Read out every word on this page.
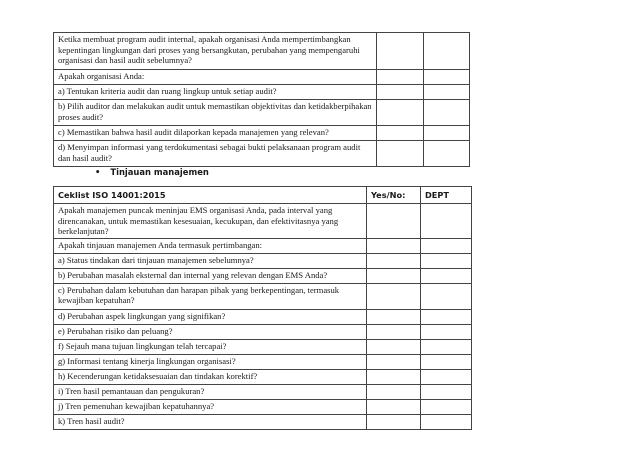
Ketika membuat program audit internal, apakah organisasi Anda mempertimbangkan kepentingan lingkungan dari proses yang bersangkutan, perubahan yang mempengaruhi organisasi dan hasil audit sebelumnya?		
Apakah organisasi Anda:		
a) Tentukan kriteria audit dan ruang lingkup untuk setiap audit?		
b) Pilih auditor dan melakukan audit untuk memastikan objektivitas dan ketidakberpihakan proses audit?		
c) Memastikan bahwa hasil audit dilaporkan kepada manajemen yang relevan?		
d) Menyimpan informasi yang terdokumentasi sebagai bukti pelaksanaan program audit dan hasil audit?		
• Tinjauan manajemen
Ceklist ISO 14001:2015	Yes/No:	DEPT
Apakah manajemen puncak meninjau EMS organisasi Anda, pada interval yang direncanakan, untuk memastikan kesesuaian, kecukupan, dan efektivitasnya yang berkelanjutan?		
Apakah tinjauan manajemen Anda termasuk pertimbangan:		
a) Status tindakan dari tinjauan manajemen sebelumnya?		
b) Perubahan masalah eksternal dan internal yang relevan dengan EMS Anda?		
c) Perubahan dalam kebutuhan dan harapan pihak yang berkepentingan, termasuk kewajiban kepatuhan?		
d) Perubahan aspek lingkungan yang signifikan?		
e) Perubahan risiko dan peluang?		
f) Sejauh mana tujuan lingkungan telah tercapai?		
g) Informasi tentang kinerja lingkungan organisasi?		
h) Kecenderungan ketidaksesuaian dan tindakan korektif?		
i) Tren hasil pemantauan dan pengukuran?		
j) Tren pemenuhan kewajiban kepatuhannya?		
k) Tren hasil audit?		
